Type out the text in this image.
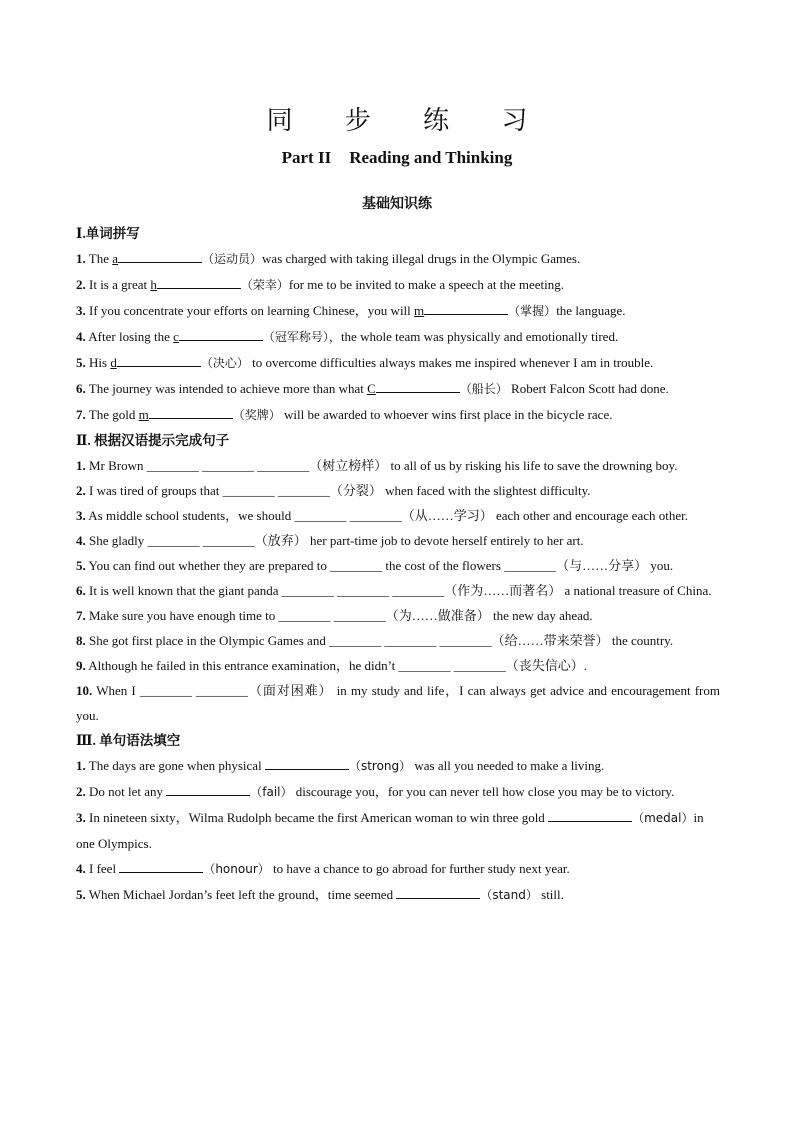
同 步 练 习
Part II Reading and Thinking
基础知识练
Ⅰ.单词拼写
1. The a	（运动员）was charged with taking illegal drugs in the Olympic Games.
2. It is a great h	（荣幸）for me to be invited to make a speech at the meeting.
3. If you concentrate your efforts on learning Chinese，you will m	（掌握）the language.
4. After losing the c	（冠军称号），the whole team was physically and emotionally tired.
5. His d	（决心） to overcome difficulties always makes me inspired whenever I am in trouble.
6. The journey was intended to achieve more than what C	（船长） Robert Falcon Scott had done.
7. The gold m	（奖牌） will be awarded to whoever wins first place in the bicycle race.
Ⅱ. 根据汉语提示完成句子
1. Mr Brown ________ ________ ________（树立榜样） to all of us by risking his life to save the drowning boy.
2. I was tired of groups that ________ ________（分裂） when faced with the slightest difficulty.
3. As middle school students，we should ________ ________（从……学习） each other and encourage each other.
4. She gladly ________ ________（放弃） her part-time job to devote herself entirely to her art.
5. You can find out whether they are prepared to ________ the cost of the flowers ________（与……分享） you.
6. It is well known that the giant panda ________ ________ ________（作为……而著名） a national treasure of China.
7. Make sure you have enough time to ________ ________（为……做准备） the new day ahead.
8. She got first place in the Olympic Games and ________ ________ ________（给……带来荣誉） the country.
9. Although he failed in this entrance examination，he didn’t ________ ________（丧失信心）.
10. When I ________ ________（面对困难） in my study and life，I can always get advice and encouragement from you.
Ⅲ. 单句语法填空
1. The days are gone when physical	（strong） was all you needed to make a living.
2. Do not let any	（fail） discourage you，for you can never tell how close you may be to victory.
3. In nineteen sixty，Wilma Rudolph became the first American woman to win three gold	（medal）in one Olympics.
4. I feel	（honour） to have a chance to go abroad for further study next year.
5. When Michael Jordan’s feet left the ground，time seemed	（stand） still.
